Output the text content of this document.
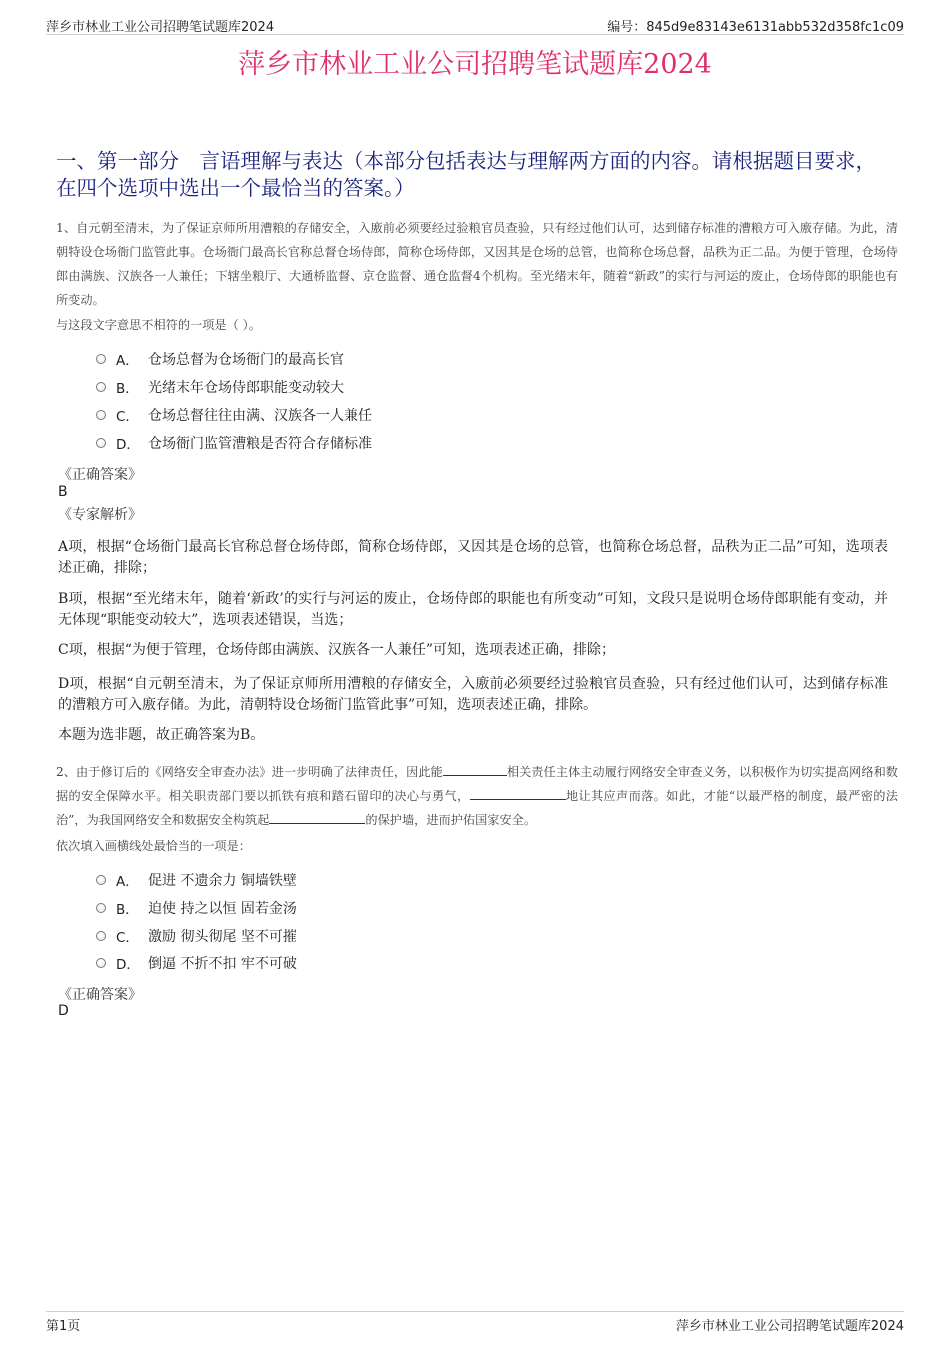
萍乡市林业工业公司招聘笔试题库2024	编号：845d9e83143e6131abb532d358fc1c09
萍乡市林业工业公司招聘笔试题库2024
一、第一部分　言语理解与表达（本部分包括表达与理解两方面的内容。请根据题目要求，在四个选项中选出一个最恰当的答案。）
1、自元朝至清末，为了保证京师所用漕粮的存储安全，入廒前必须要经过验粮官员查验，只有经过他们认可，达到储存标准的漕粮方可入廒存储。为此，清朝特设仓场衙门监管此事。仓场衙门最高长官称总督仓场侍郎，简称仓场侍郎，又因其是仓场的总管，也简称仓场总督，品秩为正二品。为便于管理，仓场侍郎由满族、汉族各一人兼任；下辖坐粮厅、大通桥监督、京仓监督、通仓监督4个机构。至光绪末年，随着“新政”的实行与河运的废止，仓场侍郎的职能也有所变动。
与这段文字意思不相符的一项是（ ）。
A． 仓场总督为仓场衙门的最高长官
B． 光绪末年仓场侍郎职能变动较大
C． 仓场总督往往由满、汉族各一人兼任
D． 仓场衙门监管漕粮是否符合存储标准
《正确答案》
B
《专家解析》
A项，根据“仓场衙门最高长官称总督仓场侍郎，简称仓场侍郎，又因其是仓场的总管，也简称仓场总督，品秩为正二品”可知，选项表述正确，排除；
B项，根据“至光绪末年，随着‘新政’的实行与河运的废止，仓场侍郎的职能也有所变动”可知，文段只是说明仓场侍郎职能有变动，并无体现“职能变动较大”，选项表述错误，当选；
C项，根据“为便于管理，仓场侍郎由满族、汉族各一人兼任”可知，选项表述正确，排除；
D项，根据“自元朝至清末，为了保证京师所用漕粮的存储安全，入廒前必须要经过验粮官员查验，只有经过他们认可，达到储存标准的漕粮方可入廒存储。为此，清朝特设仓场衙门监管此事”可知，选项表述正确，排除。
本题为选非题，故正确答案为B。
2、由于修订后的《网络安全审查办法》进一步明确了法律责任，因此能	相关责任主体主动履行网络安全审查义务，以积极作为切实提高网络和数据的安全保障水平。相关职责部门要以抓铁有痕和踏石留印的决心与勇气，	地让其应声而落。如此，才能“以最严格的制度，最严密的法治”，为我国网络安全和数据安全构筑起	的保护墙，进而护佑国家安全。
依次填入画横线处最恰当的一项是：
A． 促进 不遗余力 铜墙铁壁
B． 迫使 持之以恒 固若金汤
C． 激励 彻头彻尾 坚不可摧
D． 倒逼 不折不扣 牢不可破
《正确答案》
D
第1页	萍乡市林业工业公司招聘笔试题库2024
